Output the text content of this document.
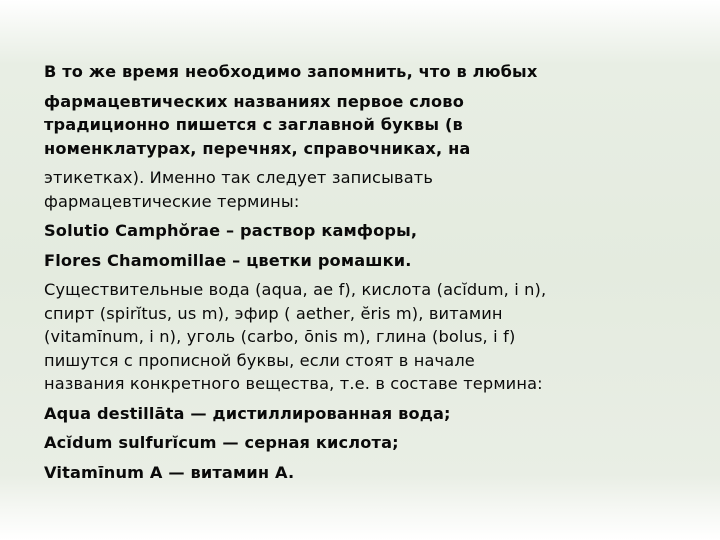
В то же время необходимо запомнить, что в любых

фармацевтических названиях первое слово
традиционно пишется с заглавной буквы (в
номенклатурах, перечнях, справочниках, на

этикетках). Именно так следует записывать
фармацевтические термины:

Solutio Camphŏrae – раствор камфоры,

Flores Chamomillae – цветки ромашки.

Существительные вода (aqua, ae f), кислота (acĭdum, i n),
спирт (spirĭtus, us m), эфир ( aether, ĕris m), витамин
(vitamīnum, i n), уголь (carbo, ōnis m), глина (bolus, i f)
пишутся с прописной буквы, если стоят в начале
названия конкретного вещества, т.е. в составе термина:

Aqua destillāta — дистиллированная вода;

Acĭdum sulfurĭcum — серная кислота;

Vitamīnum A — витамин A.
